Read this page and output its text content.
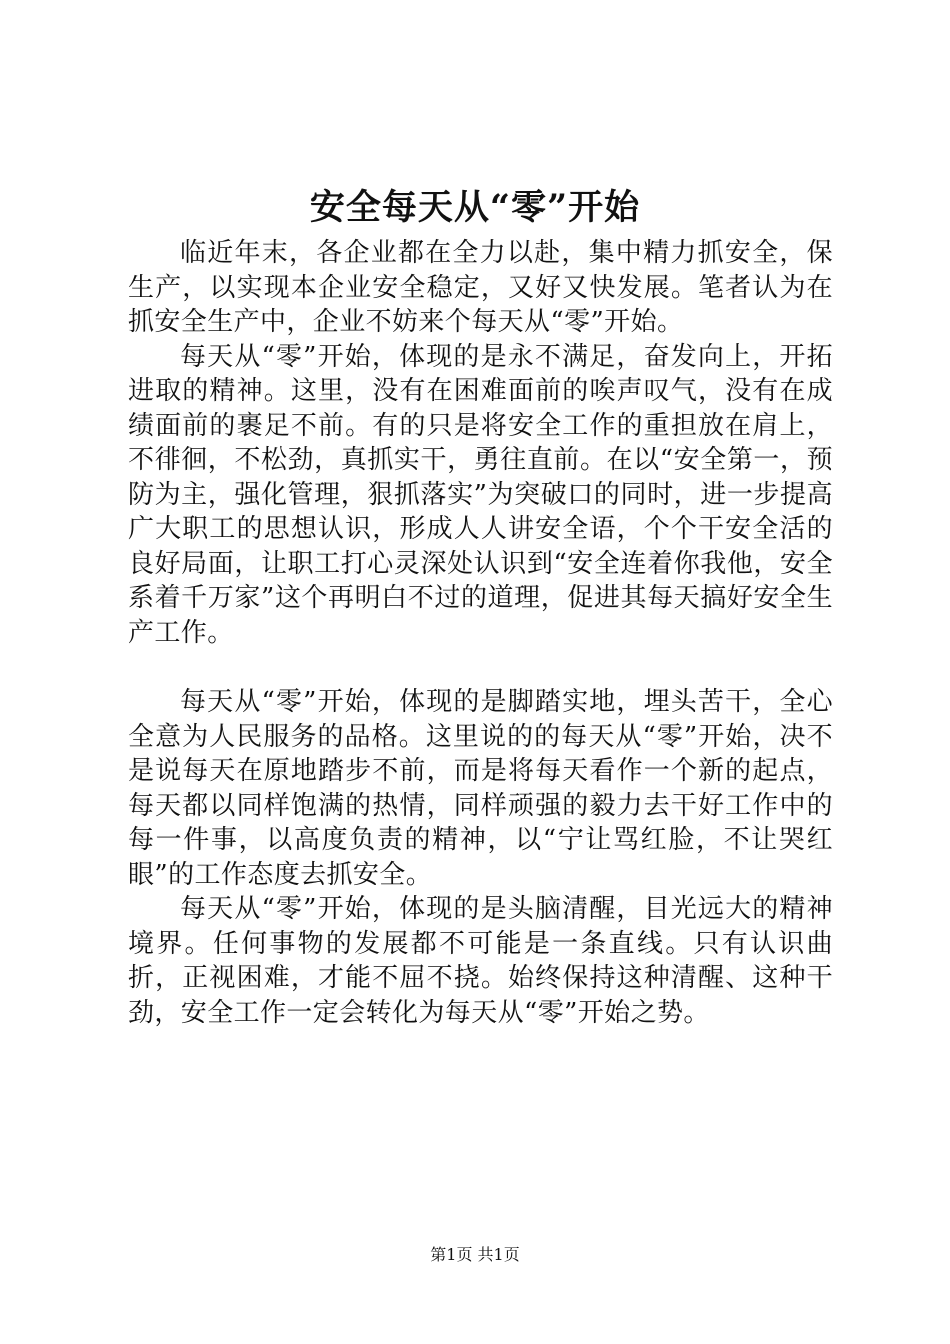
安全每天从“零”开始

临近年末，各企业都在全力以赴，集中精力抓安全，保生产，以实现本企业安全稳定，又好又快发展。笔者认为在抓安全生产中，企业不妨来个每天从“零”开始。

每天从“零”开始，体现的是永不满足，奋发向上，开拓进取的精神。这里，没有在困难面前的唉声叹气，没有在成绩面前的裹足不前。有的只是将安全工作的重担放在肩上，不徘徊，不松劲，真抓实干，勇往直前。在以“安全第一，预防为主，强化管理，狠抓落实”为突破口的同时，进一步提高广大职工的思想认识，形成人人讲安全语，个个干安全活的良好局面，让职工打心灵深处认识到“安全连着你我他，安全系着千万家”这个再明白不过的道理，促进其每天搞好安全生产工作。

每天从“零”开始，体现的是脚踏实地，埋头苦干，全心全意为人民服务的品格。这里说的的每天从“零”开始，决不是说每天在原地踏步不前，而是将每天看作一个新的起点，每天都以同样饱满的热情，同样顽强的毅力去干好工作中的每一件事，以高度负责的精神，以“宁让骂红脸，不让哭红眼”的工作态度去抓安全。

每天从“零”开始，体现的是头脑清醒，目光远大的精神境界。任何事物的发展都不可能是一条直线。只有认识曲折，正视困难，才能不屈不挠。始终保持这种清醒、这种干劲，安全工作一定会转化为每天从“零”开始之势。

第1页 共1页
